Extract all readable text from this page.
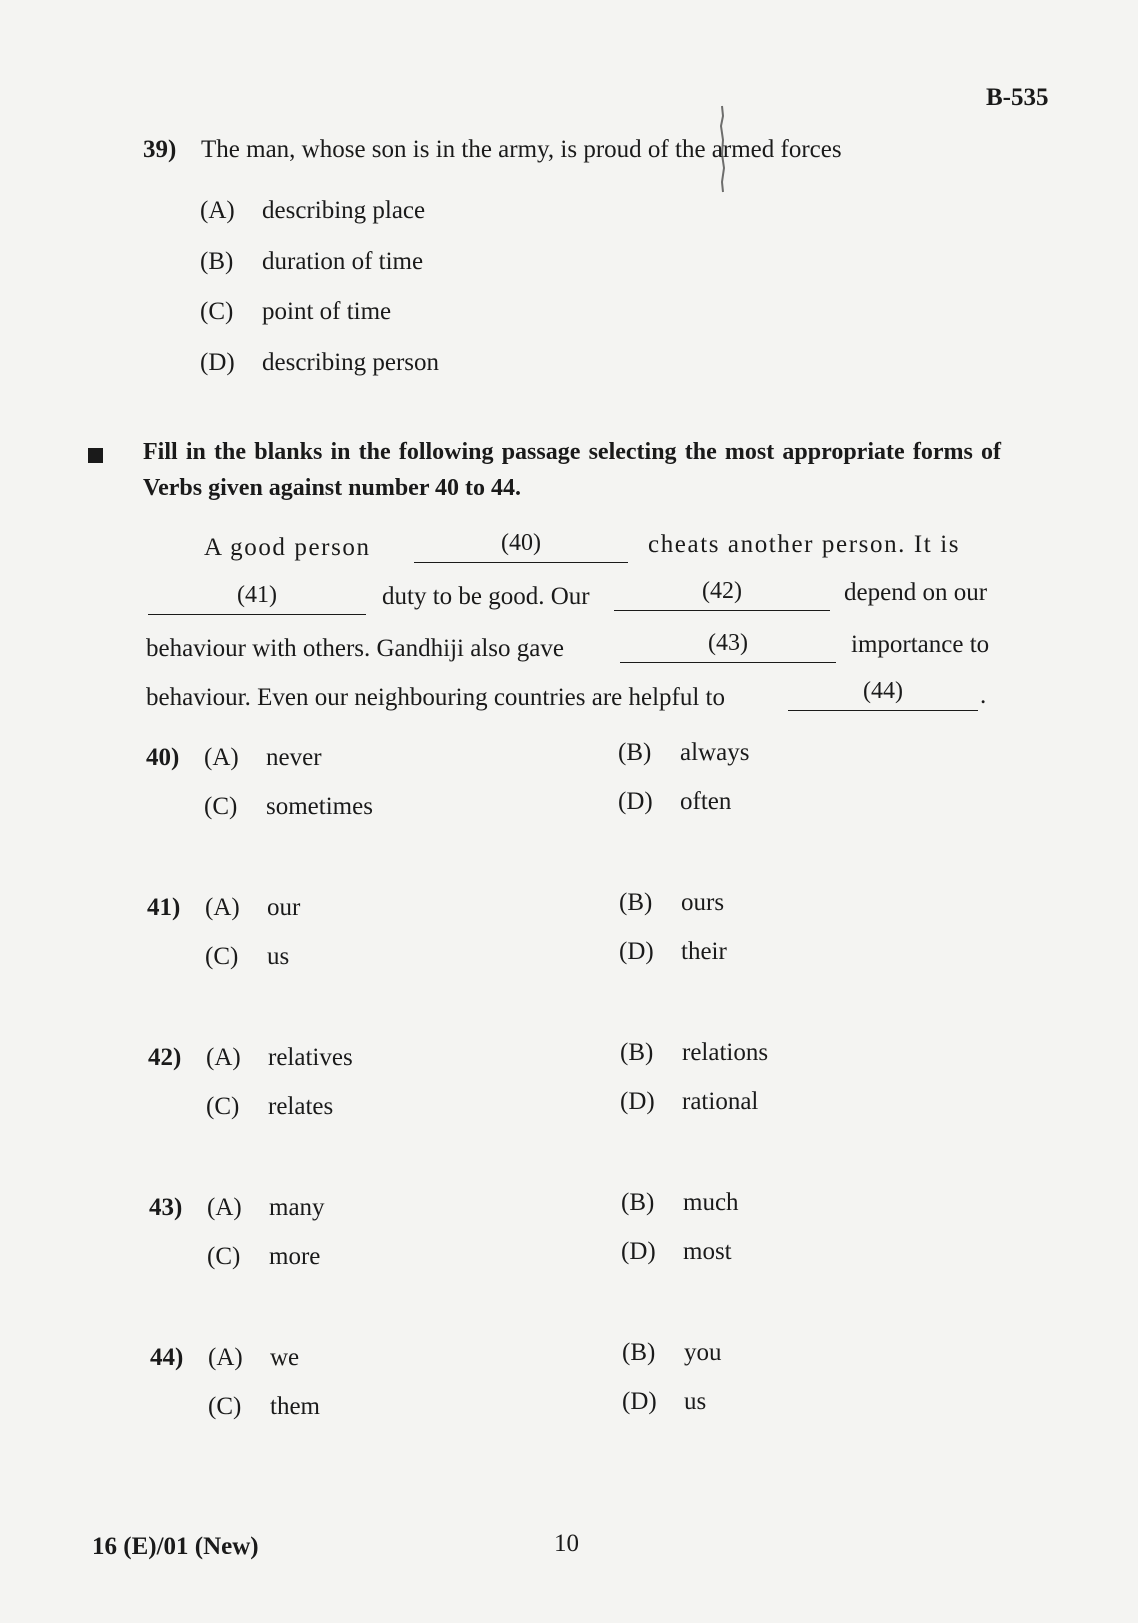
B-535
39) The man, whose son is in the army, is proud of the armed forces
(A) describing place
(B) duration of time
(C) point of time
(D) describing person
Fill in the blanks in the following passage selecting the most appropriate forms of Verbs given against number 40 to 44.
A good person	(40)	cheats another person. It is
(41)	duty to be good. Our	(42)	depend on our
behaviour with others. Gandhiji also gave	(43)	importance to
behaviour. Even our neighbouring countries are helpful to	(44)	.
40) (A) never	(B) always
(C) sometimes	(D) often
41) (A) our	(B) ours
(C) us	(D) their
42) (A) relatives	(B) relations
(C) relates	(D) rational
43) (A) many	(B) much
(C) more	(D) most
44) (A) we	(B) you
(C) them	(D) us
16 (E)/01 (New)	10
